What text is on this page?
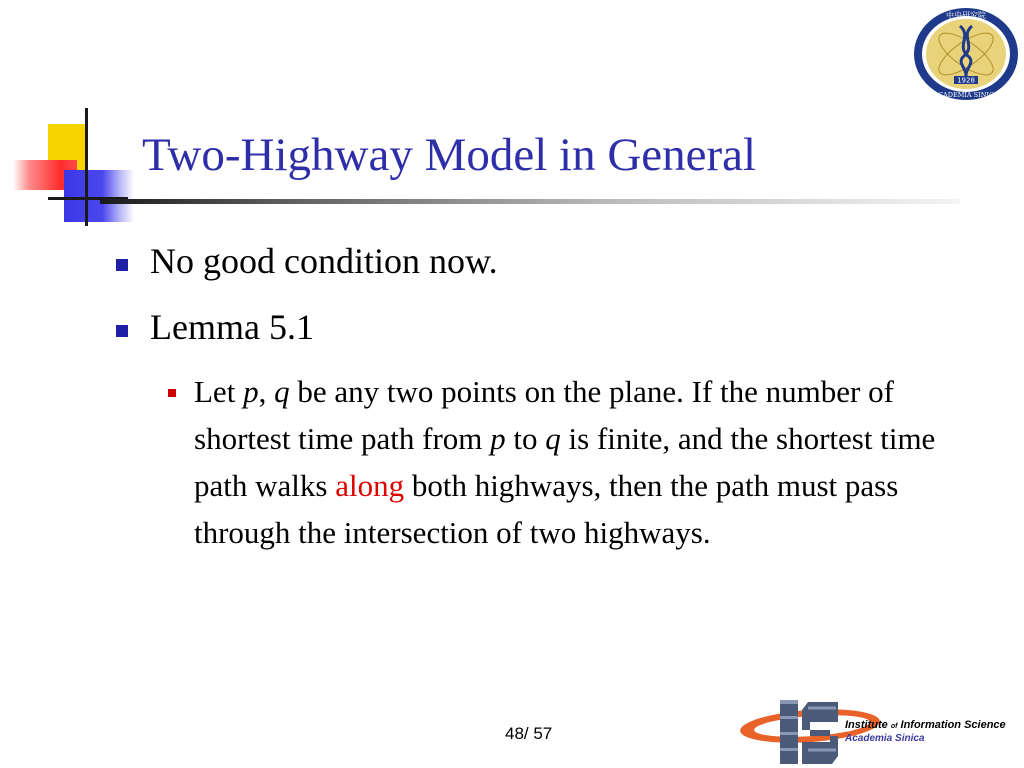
Two-Highway Model in General
1928
中央研究院
ACADEMIA SINICA
No good condition now.
Lemma 5.1
Let p, q be any two points on the plane. If the number of shortest time path from p to q is finite, and the shortest time path walks along both highways, then the path must pass through the intersection of two highways.
48/ 57	Institute of Information Science
Academia Sinica
